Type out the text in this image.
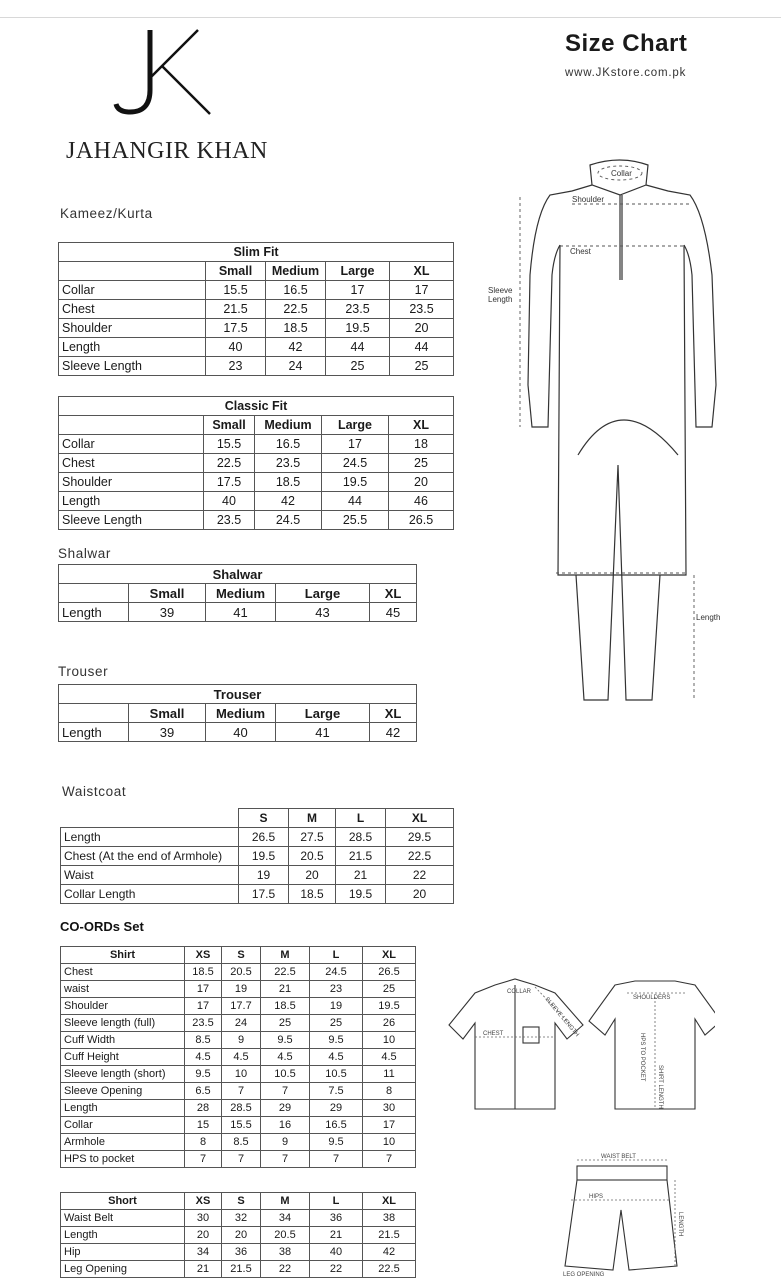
JAHANGIR KHAN
Size Chart
www.JKstore.com.pk
Kameez/Kurta
Slim Fit				
	Small	Medium	Large	XL
Collar	15.5	16.5	17	17
Chest	21.5	22.5	23.5	23.5
Shoulder	17.5	18.5	19.5	20
Length	40	42	44	44
Sleeve Length	23	24	25	25
Classic Fit				
	Small	Medium	Large	XL
Collar	15.5	16.5	17	18
Chest	22.5	23.5	24.5	25
Shoulder	17.5	18.5	19.5	20
Length	40	42	44	46
Sleeve Length	23.5	24.5	25.5	26.5
Shalwar
Shalwar				
	Small	Medium	Large	XL
Length	39	41	43	45
Trouser
Trouser				
	Small	Medium	Large	XL
Length	39	40	41	42
Waistcoat
	S	M	L	XL
Length	26.5	27.5	28.5	29.5
Chest (At the end of Armhole)	19.5	20.5	21.5	22.5
Waist	19	20	21	22
Collar Length	17.5	18.5	19.5	20
CO-ORDs Set
Shirt	XS	S	M	L	XL
Chest	18.5	20.5	22.5	24.5	26.5
waist	17	19	21	23	25
Shoulder	17	17.7	18.5	19	19.5
Sleeve length (full)	23.5	24	25	25	26
Cuff Width	8.5	9	9.5	9.5	10
Cuff Height	4.5	4.5	4.5	4.5	4.5
Sleeve length (short)	9.5	10	10.5	10.5	11
Sleeve Opening	6.5	7	7	7.5	8
Length	28	28.5	29	29	30
Collar	15	15.5	16	16.5	17
Armhole	8	8.5	9	9.5	10
HPS to pocket	7	7	7	7	7
Short	XS	S	M	L	XL
Waist Belt	30	32	34	36	38
Length	20	20	20.5	21	21.5
Hip	34	36	38	40	42
Leg Opening	21	21.5	22	22	22.5
Collar
Shoulder
Chest
Sleeve
Length
Length
COLLAR
CHEST	SLEEVE LENGTH	SHOULDERS
HPS TO POCKET
SHIRT LENGTH
WAIST BELT
HIPS
LENGTH
LEG OPENING
